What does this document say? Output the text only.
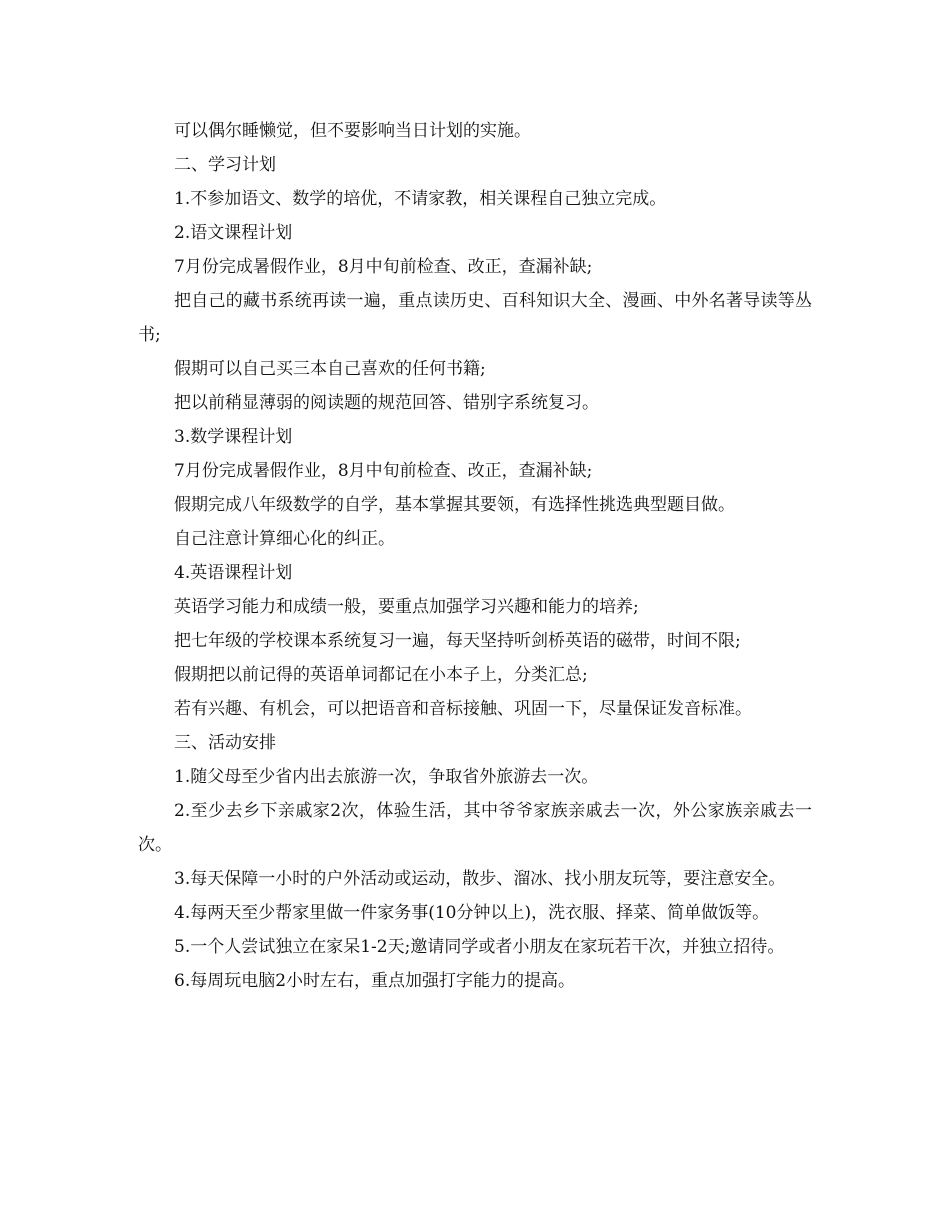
可以偶尔睡懒觉，但不要影响当日计划的实施。

二、学习计划

1.不参加语文、数学的培优，不请家教，相关课程自己独立完成。

2.语文课程计划

7月份完成暑假作业，8月中旬前检查、改正，查漏补缺;

把自己的藏书系统再读一遍，重点读历史、百科知识大全、漫画、中外名著导读等丛书;

假期可以自己买三本自己喜欢的任何书籍;

把以前稍显薄弱的阅读题的规范回答、错别字系统复习。

3.数学课程计划

7月份完成暑假作业，8月中旬前检查、改正，查漏补缺;

假期完成八年级数学的自学，基本掌握其要领，有选择性挑选典型题目做。

自己注意计算细心化的纠正。

4.英语课程计划

英语学习能力和成绩一般，要重点加强学习兴趣和能力的培养;

把七年级的学校课本系统复习一遍，每天坚持听剑桥英语的磁带，时间不限;

假期把以前记得的英语单词都记在小本子上，分类汇总;

若有兴趣、有机会，可以把语音和音标接触、巩固一下，尽量保证发音标准。

三、活动安排

1.随父母至少省内出去旅游一次，争取省外旅游去一次。

2.至少去乡下亲戚家2次，体验生活，其中爷爷家族亲戚去一次，外公家族亲戚去一次。

3.每天保障一小时的户外活动或运动，散步、溜冰、找小朋友玩等，要注意安全。

4.每两天至少帮家里做一件家务事(10分钟以上)，洗衣服、择菜、简单做饭等。

5.一个人尝试独立在家呆1-2天;邀请同学或者小朋友在家玩若干次，并独立招待。

6.每周玩电脑2小时左右，重点加强打字能力的提高。
